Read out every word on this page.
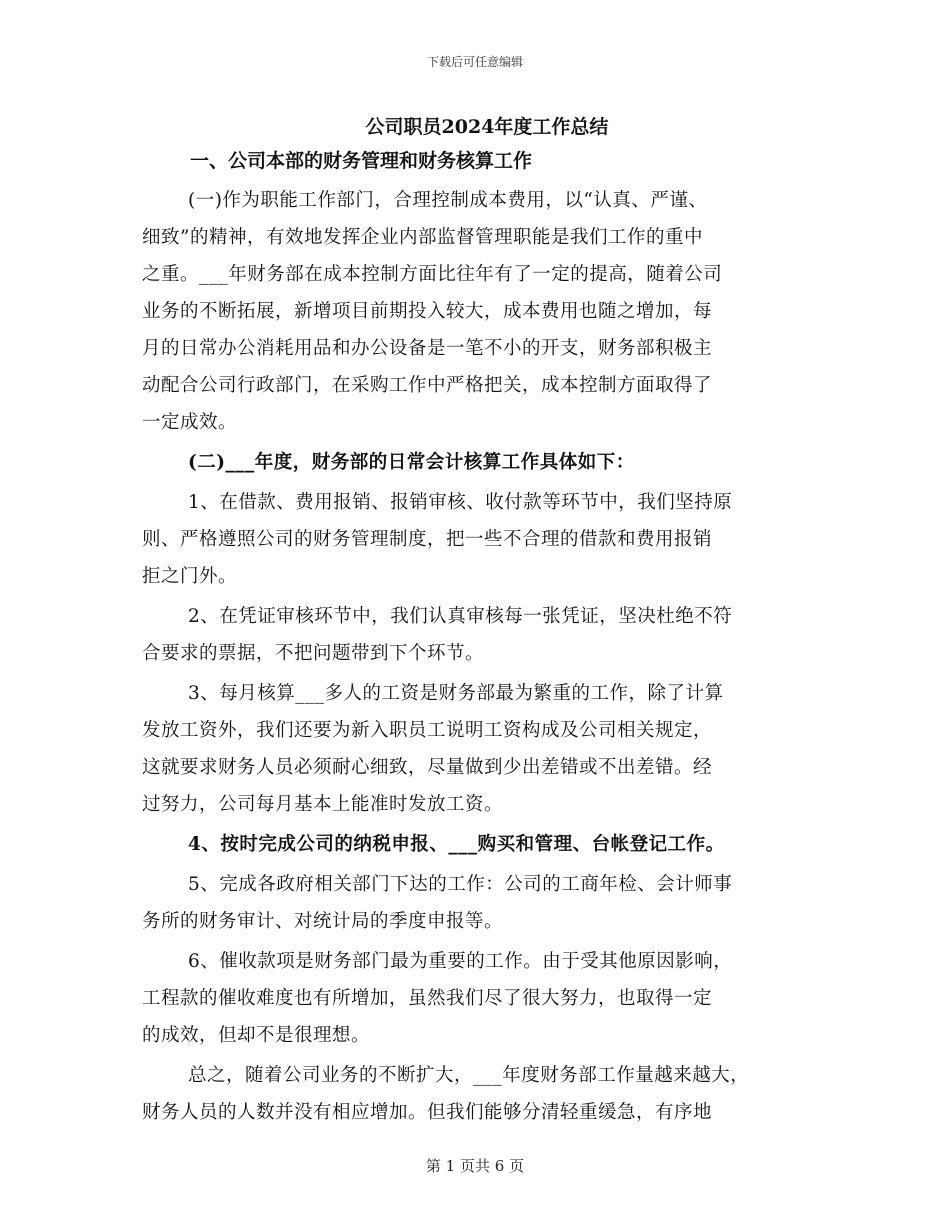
下载后可任意编辑
公司职员2024年度工作总结
一、公司本部的财务管理和财务核算工作
(一)作为职能工作部门，合理控制成本费用，以“认真、严谨、
细致”的精神，有效地发挥企业内部监督管理职能是我们工作的重中
之重。___年财务部在成本控制方面比往年有了一定的提高，随着公司
业务的不断拓展，新增项目前期投入较大，成本费用也随之增加，每
月的日常办公消耗用品和办公设备是一笔不小的开支，财务部积极主
动配合公司行政部门，在采购工作中严格把关，成本控制方面取得了
一定成效。
(二)___年度，财务部的日常会计核算工作具体如下：
1、在借款、费用报销、报销审核、收付款等环节中，我们坚持原
则、严格遵照公司的财务管理制度，把一些不合理的借款和费用报销
拒之门外。
2、在凭证审核环节中，我们认真审核每一张凭证，坚决杜绝不符
合要求的票据，不把问题带到下个环节。
3、每月核算___多人的工资是财务部最为繁重的工作，除了计算
发放工资外，我们还要为新入职员工说明工资构成及公司相关规定，
这就要求财务人员必须耐心细致，尽量做到少出差错或不出差错。经
过努力，公司每月基本上能准时发放工资。
4、按时完成公司的纳税申报、___购买和管理、台帐登记工作。
5、完成各政府相关部门下达的工作：公司的工商年检、会计师事
务所的财务审计、对统计局的季度申报等。
6、催收款项是财务部门最为重要的工作。由于受其他原因影响，
工程款的催收难度也有所增加，虽然我们尽了很大努力，也取得一定
的成效，但却不是很理想。
总之，随着公司业务的不断扩大，___年度财务部工作量越来越大，
财务人员的人数并没有相应增加。但我们能够分清轻重缓急，有序地
第 1 页共 6 页
